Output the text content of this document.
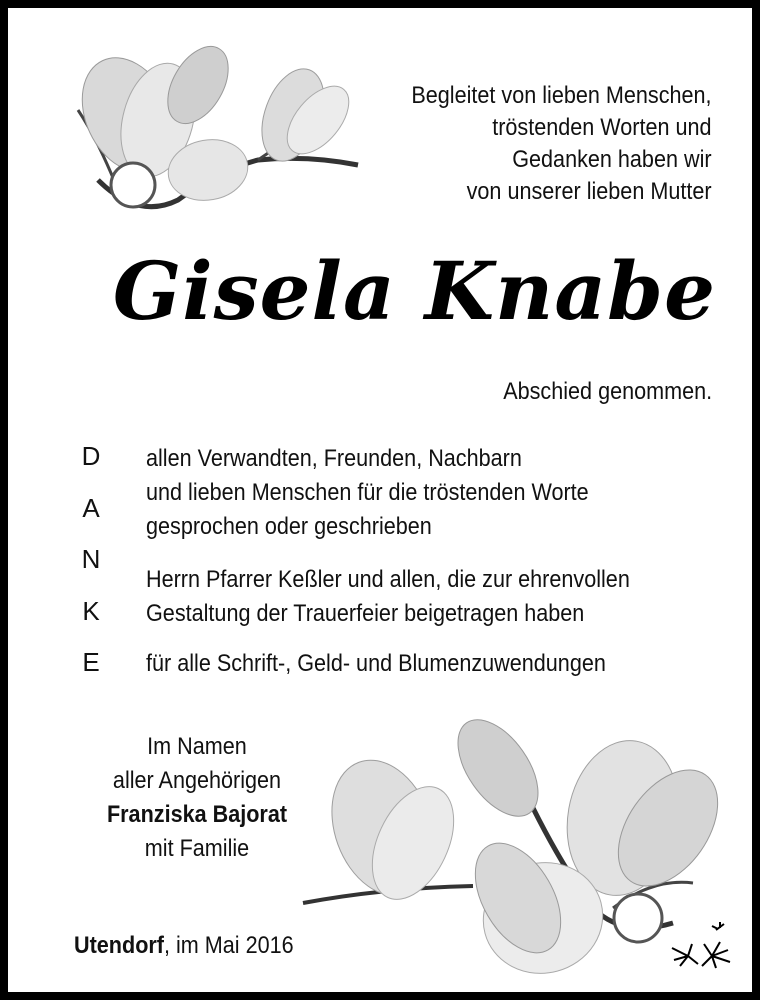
Begleitet von lieben Menschen,
tröstenden Worten und
Gedanken haben wir
von unserer lieben Mutter
Gisela Knabe
Abschied genommen.
D
A
N
K
E
allen Verwandten, Freunden, Nachbarn
und lieben Menschen für die tröstenden Worte
gesprochen oder geschrieben
Herrn Pfarrer Keßler und allen, die zur ehrenvollen
Gestaltung der Trauerfeier beigetragen haben
für alle Schrift-, Geld- und Blumenzuwendungen
Im Namen
aller Angehörigen
Franziska Bajorat
mit Familie
Utendorf, im Mai 2016
